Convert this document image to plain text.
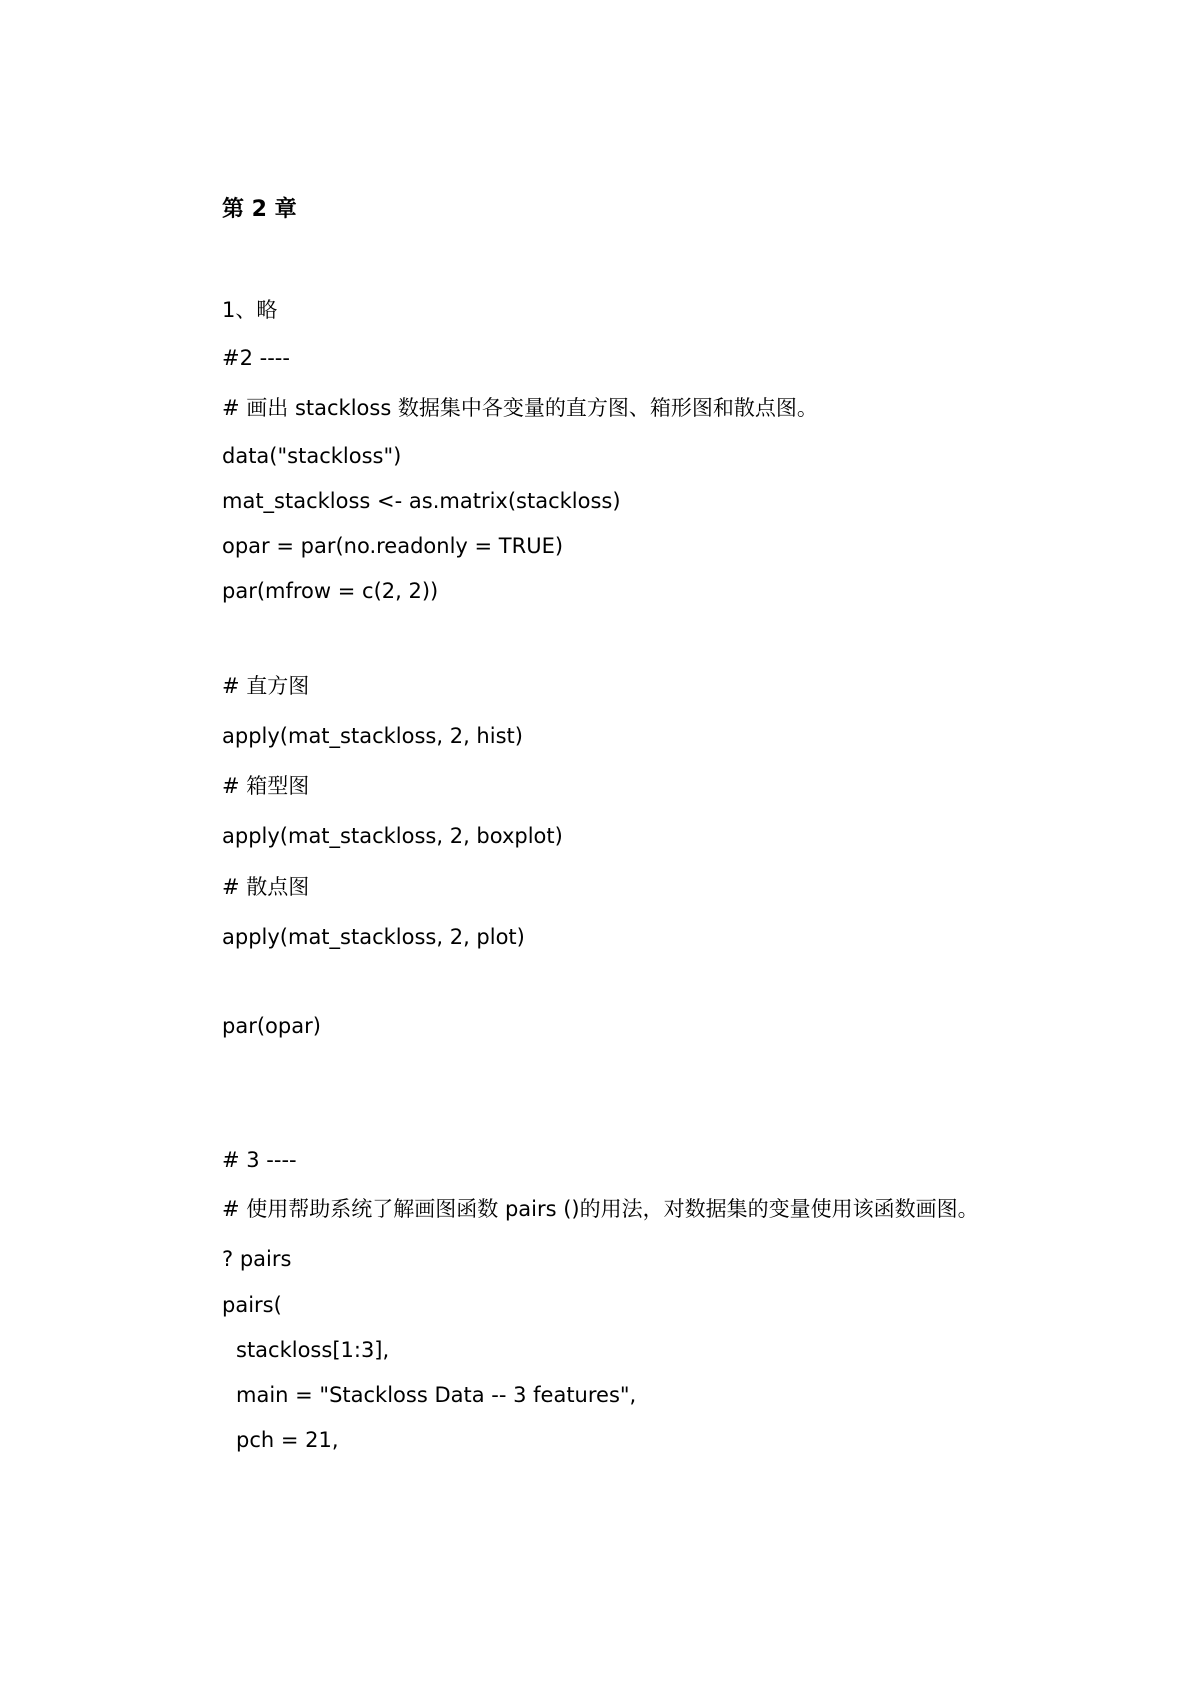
第 2 章
1、略
#2 ----
# 画出 stackloss 数据集中各变量的直方图、箱形图和散点图。
data("stackloss")
mat_stackloss <- as.matrix(stackloss)
opar = par(no.readonly = TRUE)
par(mfrow = c(2, 2))
# 直方图
apply(mat_stackloss, 2, hist)
# 箱型图
apply(mat_stackloss, 2, boxplot)
# 散点图
apply(mat_stackloss, 2, plot)
par(opar)
# 3 ----
# 使用帮助系统了解画图函数 pairs ()的用法，对数据集的变量使用该函数画图。
? pairs
pairs(
stackloss[1:3],
main = "Stackloss Data -- 3 features",
pch = 21,
